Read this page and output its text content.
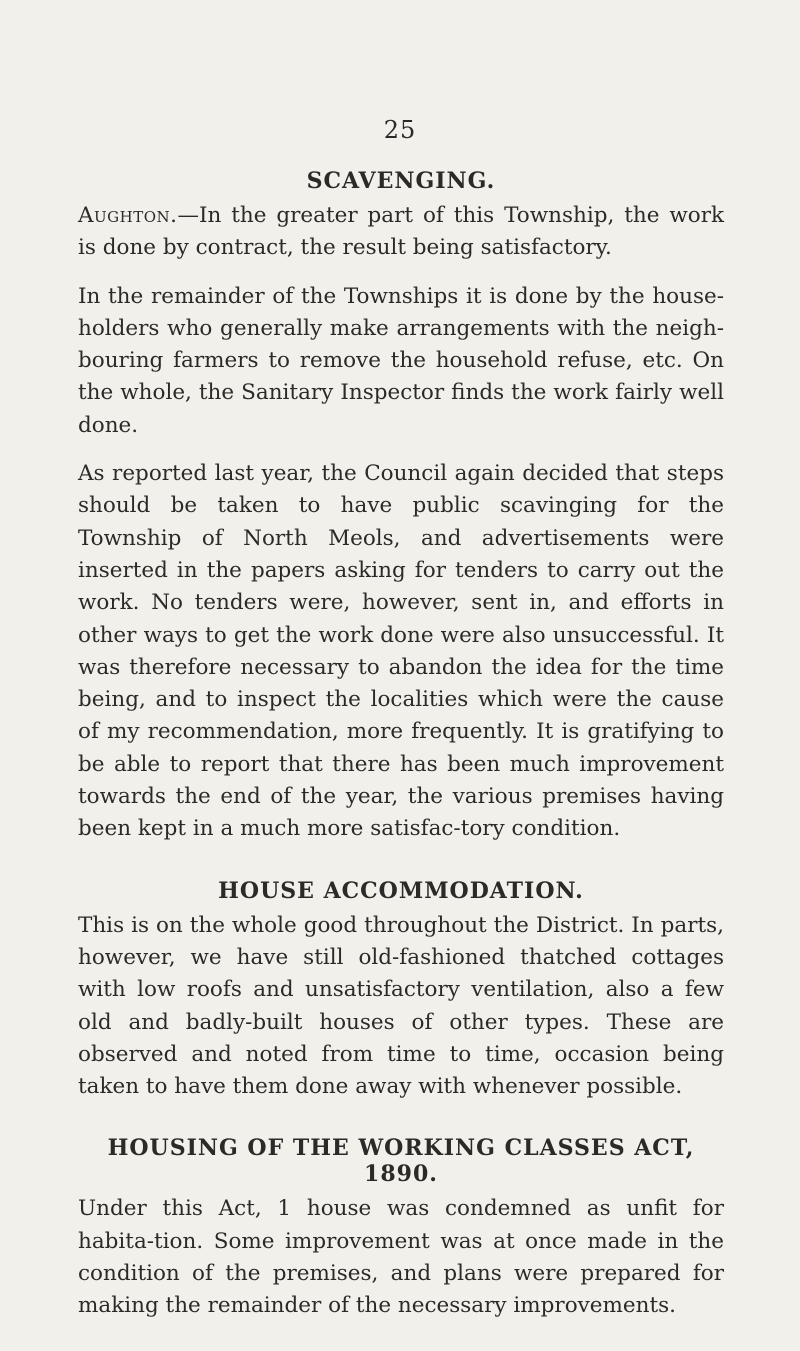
25
SCAVENGING.

Aughton.—In the greater part of this Township, the work is done by contract, the result being satisfactory.

In the remainder of the Townships it is done by the house-holders who generally make arrangements with the neigh-bouring farmers to remove the household refuse, etc. On the whole, the Sanitary Inspector finds the work fairly well done.

As reported last year, the Council again decided that steps should be taken to have public scavinging for the Township of North Meols, and advertisements were inserted in the papers asking for tenders to carry out the work. No tenders were, however, sent in, and efforts in other ways to get the work done were also unsuccessful. It was therefore necessary to abandon the idea for the time being, and to inspect the localities which were the cause of my recommendation, more frequently. It is gratifying to be able to report that there has been much improvement towards the end of the year, the various premises having been kept in a much more satisfac-tory condition.

HOUSE ACCOMMODATION.

This is on the whole good throughout the District. In parts, however, we have still old-fashioned thatched cottages with low roofs and unsatisfactory ventilation, also a few old and badly-built houses of other types. These are observed and noted from time to time, occasion being taken to have them done away with whenever possible.

HOUSING OF THE WORKING CLASSES ACT, 1890.

Under this Act, 1 house was condemned as unfit for habita-tion. Some improvement was at once made in the condition of the premises, and plans were prepared for making the remainder of the necessary improvements.
